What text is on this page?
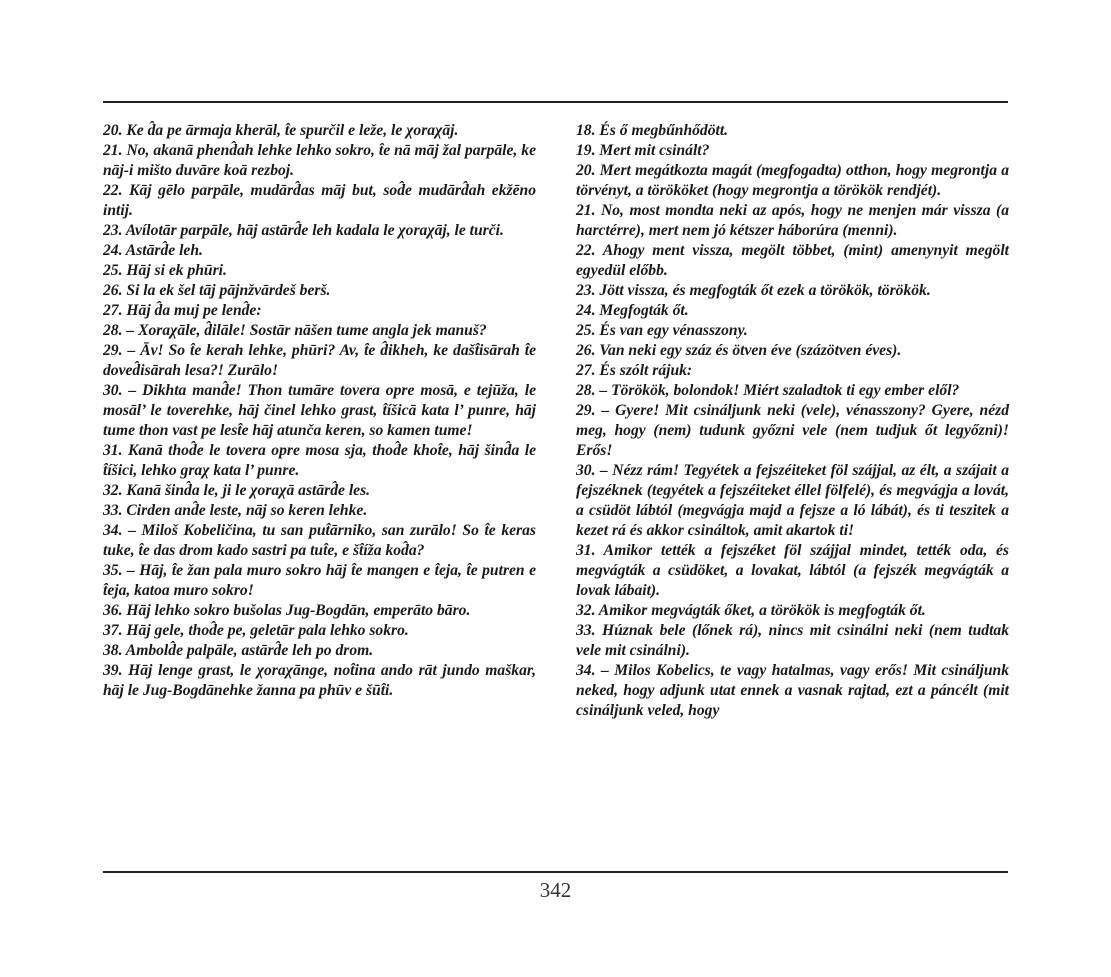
20. Ke d̂a pe ārmaja kherāl, t̂e spurčil e leže, le χoraχāj.

21. No, akanā phend̂ah lehke lehko sokro, t̂e nā māj žal parpāle, ke nāj-i mišto duvāre koā rezboj.

22. Kāj gēlo parpāle, mudārd̂as māj but, sod̂e mudārd̂ah ekžēno intij.

23. Avílotār parpāle, hāj astārd̂e leh kadala le χoraχāj, le turči.

24. Astārd̂e leh.

25. Hāj si ek phūri.

26. Si la ek šel tāj pājnžvārdeš berš.

27. Hāj d̂a muj pe lend̂e:

28. – Xoraχāle, d̂ilāle! Sostār nāšen tume angla jek manuš?

29. – Āv! So t̂e kerah lehke, phūri? Av, t̂e d̂ikheh, ke dašt̂isārah t̂e doved̂isārah lesa?! Zurālo!

30. – Dikhta mand̂e! Thon tumāre tovera opre mosā, e tejūža, le mosāl’ le toverehke, hāj činel lehko grast, t̂íšicā kata l’ punre, hāj tume thon vast pe lest̂e hāj atunča keren, so kamen tume!

31. Kanā thod̂e le tovera opre mosa sja, thod̂e khot̂e, hāj šind̂a le t̂íšici, lehko graχ kata l’ punre.

32. Kanā šind̂a le, ji le χoraχā astārd̂e les.

33. Cirden and̂e leste, nāj so keren lehke.

34. – Miloš Kobeličina, tu san put̂ārniko, san zurālo! So t̂e keras tuke, t̂e das drom kado sastri pa tut̂e, e št̂íža kod̂a?

35. – Hāj, t̂e žan pala muro sokro hāj t̂e mangen e t̂eja, t̂e putren e t̂eja, katoa muro sokro!

36. Hāj lehko sokro bušolas Jug-Bogdān, emperāto bāro.

37. Hāj gele, thod̂e pe, geletār pala lehko sokro.

38. Ambold̂e palpāle, astārd̂e leh po drom.

39. Hāj lenge grast, le χoraχānge, not̂ina ando rāt jundo maškar, hāj le Jug-Bogdānehke žanna pa phūv e šūt̂i.

18. És ő megbűnhődött.

19. Mert mit csinált?

20. Mert megátkozta magát (megfogadta) otthon, hogy megrontja a törvényt, a törököket (hogy megrontja a törökök rendjét).

21. No, most mondta neki az após, hogy ne menjen már vissza (a harctérre), mert nem jó kétszer háborúra (menni).

22. Ahogy ment vissza, megölt többet, (mint) amenynyit megölt egyedül előbb.

23. Jött vissza, és megfogták őt ezek a törökök, törökök.

24. Megfogták őt.

25. És van egy vénasszony.

26. Van neki egy száz és ötven éve (százötven éves).

27. És szólt rájuk:

28. – Törökök, bolondok! Miért szaladtok ti egy ember elől?

29. – Gyere! Mit csináljunk neki (vele), vénasszony? Gyere, nézd meg, hogy (nem) tudunk győzni vele (nem tudjuk őt legyőzni)! Erős!

30. – Nézz rám! Tegyétek a fejszéiteket föl szájjal, az élt, a szájait a fejszéknek (tegyétek a fejszéiteket éllel fölfelé), és megvágja a lovát, a csüdöt lábtól (megvágja majd a fejsze a ló lábát), és ti teszitek a kezet rá és akkor csináltok, amit akartok ti!

31. Amikor tették a fejszéket föl szájjal mindet, tették oda, és megvágták a csüdöket, a lovakat, lábtól (a fejszék megvágták a lovak lábait).

32. Amikor megvágták őket, a törökök is megfogták őt.

33. Húznak bele (lőnek rá), nincs mit csinálni neki (nem tudtak vele mit csinálni).

34. – Milos Kobelics, te vagy hatalmas, vagy erős! Mit csináljunk neked, hogy adjunk utat ennek a vasnak rajtad, ezt a páncélt (mit csináljunk veled, hogy

342
